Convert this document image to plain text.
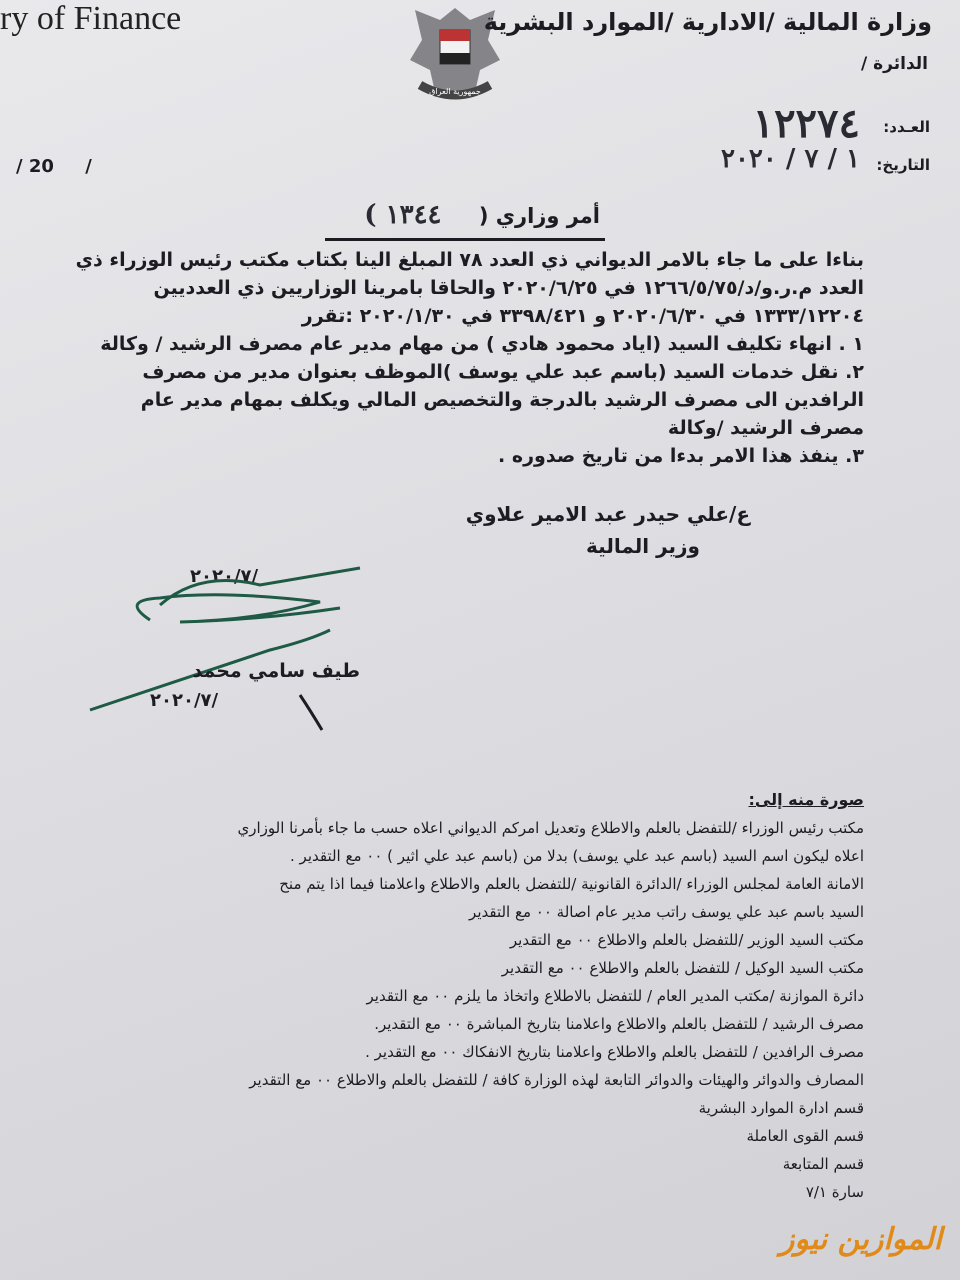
ry of Finance
جمهورية العراق
وزارة المالية /الادارية /الموارد البشرية
الدائرة /
العـدد:
١٢٢٧٤
التاريخ:
١ / ٧ / ٢٠٢٠
/ 20     /
أمر وزاري ( ١٣٤٤ )

بناءا على ما جاء بالامر الديواني ذي العدد ٧٨ المبلغ الينا بكتاب مكتب رئيس الوزراء ذي العدد م.ر.و/د/١٢٦٦/٥/٧٥ في ٢٠٢٠/٦/٢٥ والحاقا بامرينا الوزاريين ذي العدديين ١٣٣٣/١٢٢٠٤ في ٢٠٢٠/٦/٣٠ و ٣٣٩٨/٤٢١ في ٢٠٢٠/١/٣٠ :تقرر

١ . انهاء تكليف السيد (اياد محمود هادي ) من مهام مدير عام مصرف الرشيد / وكالة

٢. نقل خدمات السيد (باسم عبد علي يوسف )الموظف بعنوان مدير من مصرف الرافدين الى مصرف الرشيد بالدرجة والتخصيص المالي ويكلف بمهام مدير عام مصرف الرشيد /وكالة

٣. ينفذ هذا الامر بدءا من تاريخ صدوره .

ع/علي حيدر عبد الامير علاوي
وزير المالية
٢٠٢٠/٧/
طيف سامي محمد
٢٠٢٠/٧/

صورة منه إلى:

مكتب رئيس الوزراء /للتفضل بالعلم والاطلاع وتعديل امركم الديواني اعلاه حسب ما جاء بأمرنا الوزاري

اعلاه ليكون اسم السيد (باسم عبد علي يوسف) بدلا من (باسم عبد علي اثير ) ٠٠ مع التقدير .

الامانة العامة لمجلس الوزراء /الدائرة القانونية /للتفضل بالعلم والاطلاع واعلامنا فيما اذا يتم منح

السيد باسم عبد علي يوسف راتب مدير عام اصالة ٠٠ مع التقدير

مكتب السيد الوزير /للتفضل بالعلم والاطلاع ٠٠ مع التقدير

مكتب السيد الوكيل / للتفضل بالعلم والاطلاع ٠٠ مع التقدير

دائرة الموازنة /مكتب المدير العام / للتفضل بالاطلاع واتخاذ ما يلزم ٠٠ مع التقدير

مصرف الرشيد / للتفضل بالعلم والاطلاع واعلامنا بتاريخ المباشرة ٠٠ مع التقدير.

مصرف الرافدين / للتفضل بالعلم والاطلاع واعلامنا بتاريخ الانفكاك ٠٠ مع التقدير .

المصارف والدوائر والهيئات والدوائر التابعة لهذه الوزارة كافة / للتفضل بالعلم والاطلاع ٠٠ مع التقدير

قسم ادارة الموارد البشرية

قسم القوى العاملة

قسم المتابعة

سارة ٧/١

الموازين نيوز
